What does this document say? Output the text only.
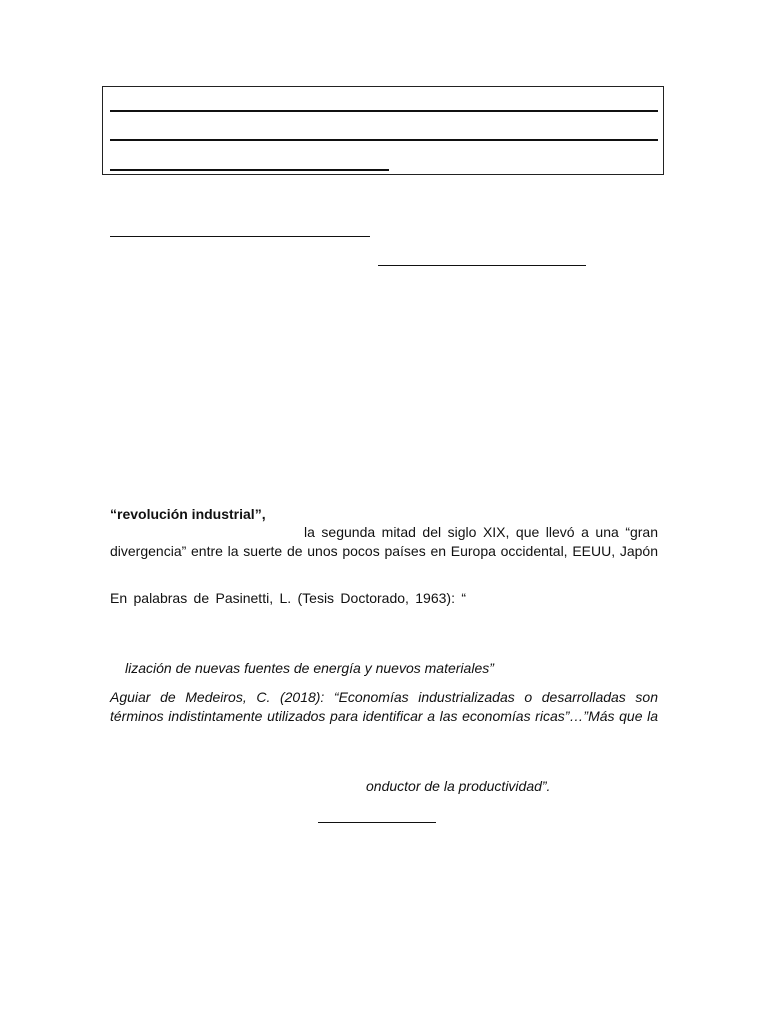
“revolución industrial”,
la segunda mitad del siglo XIX, que llevó a una “gran
divergencia” entre la suerte de unos pocos países en Europa occidental, EEUU, Japón
En palabras de Pasinetti, L. (Tesis Doctorado, 1963): “
lización de nuevas fuentes de energía y nuevos materiales”
Aguiar de Medeiros, C. (2018): “Economías industrializadas o desarrolladas son
términos indistintamente utilizados para identificar a las economías ricas”…”Más que la
onductor de la productividad”.
